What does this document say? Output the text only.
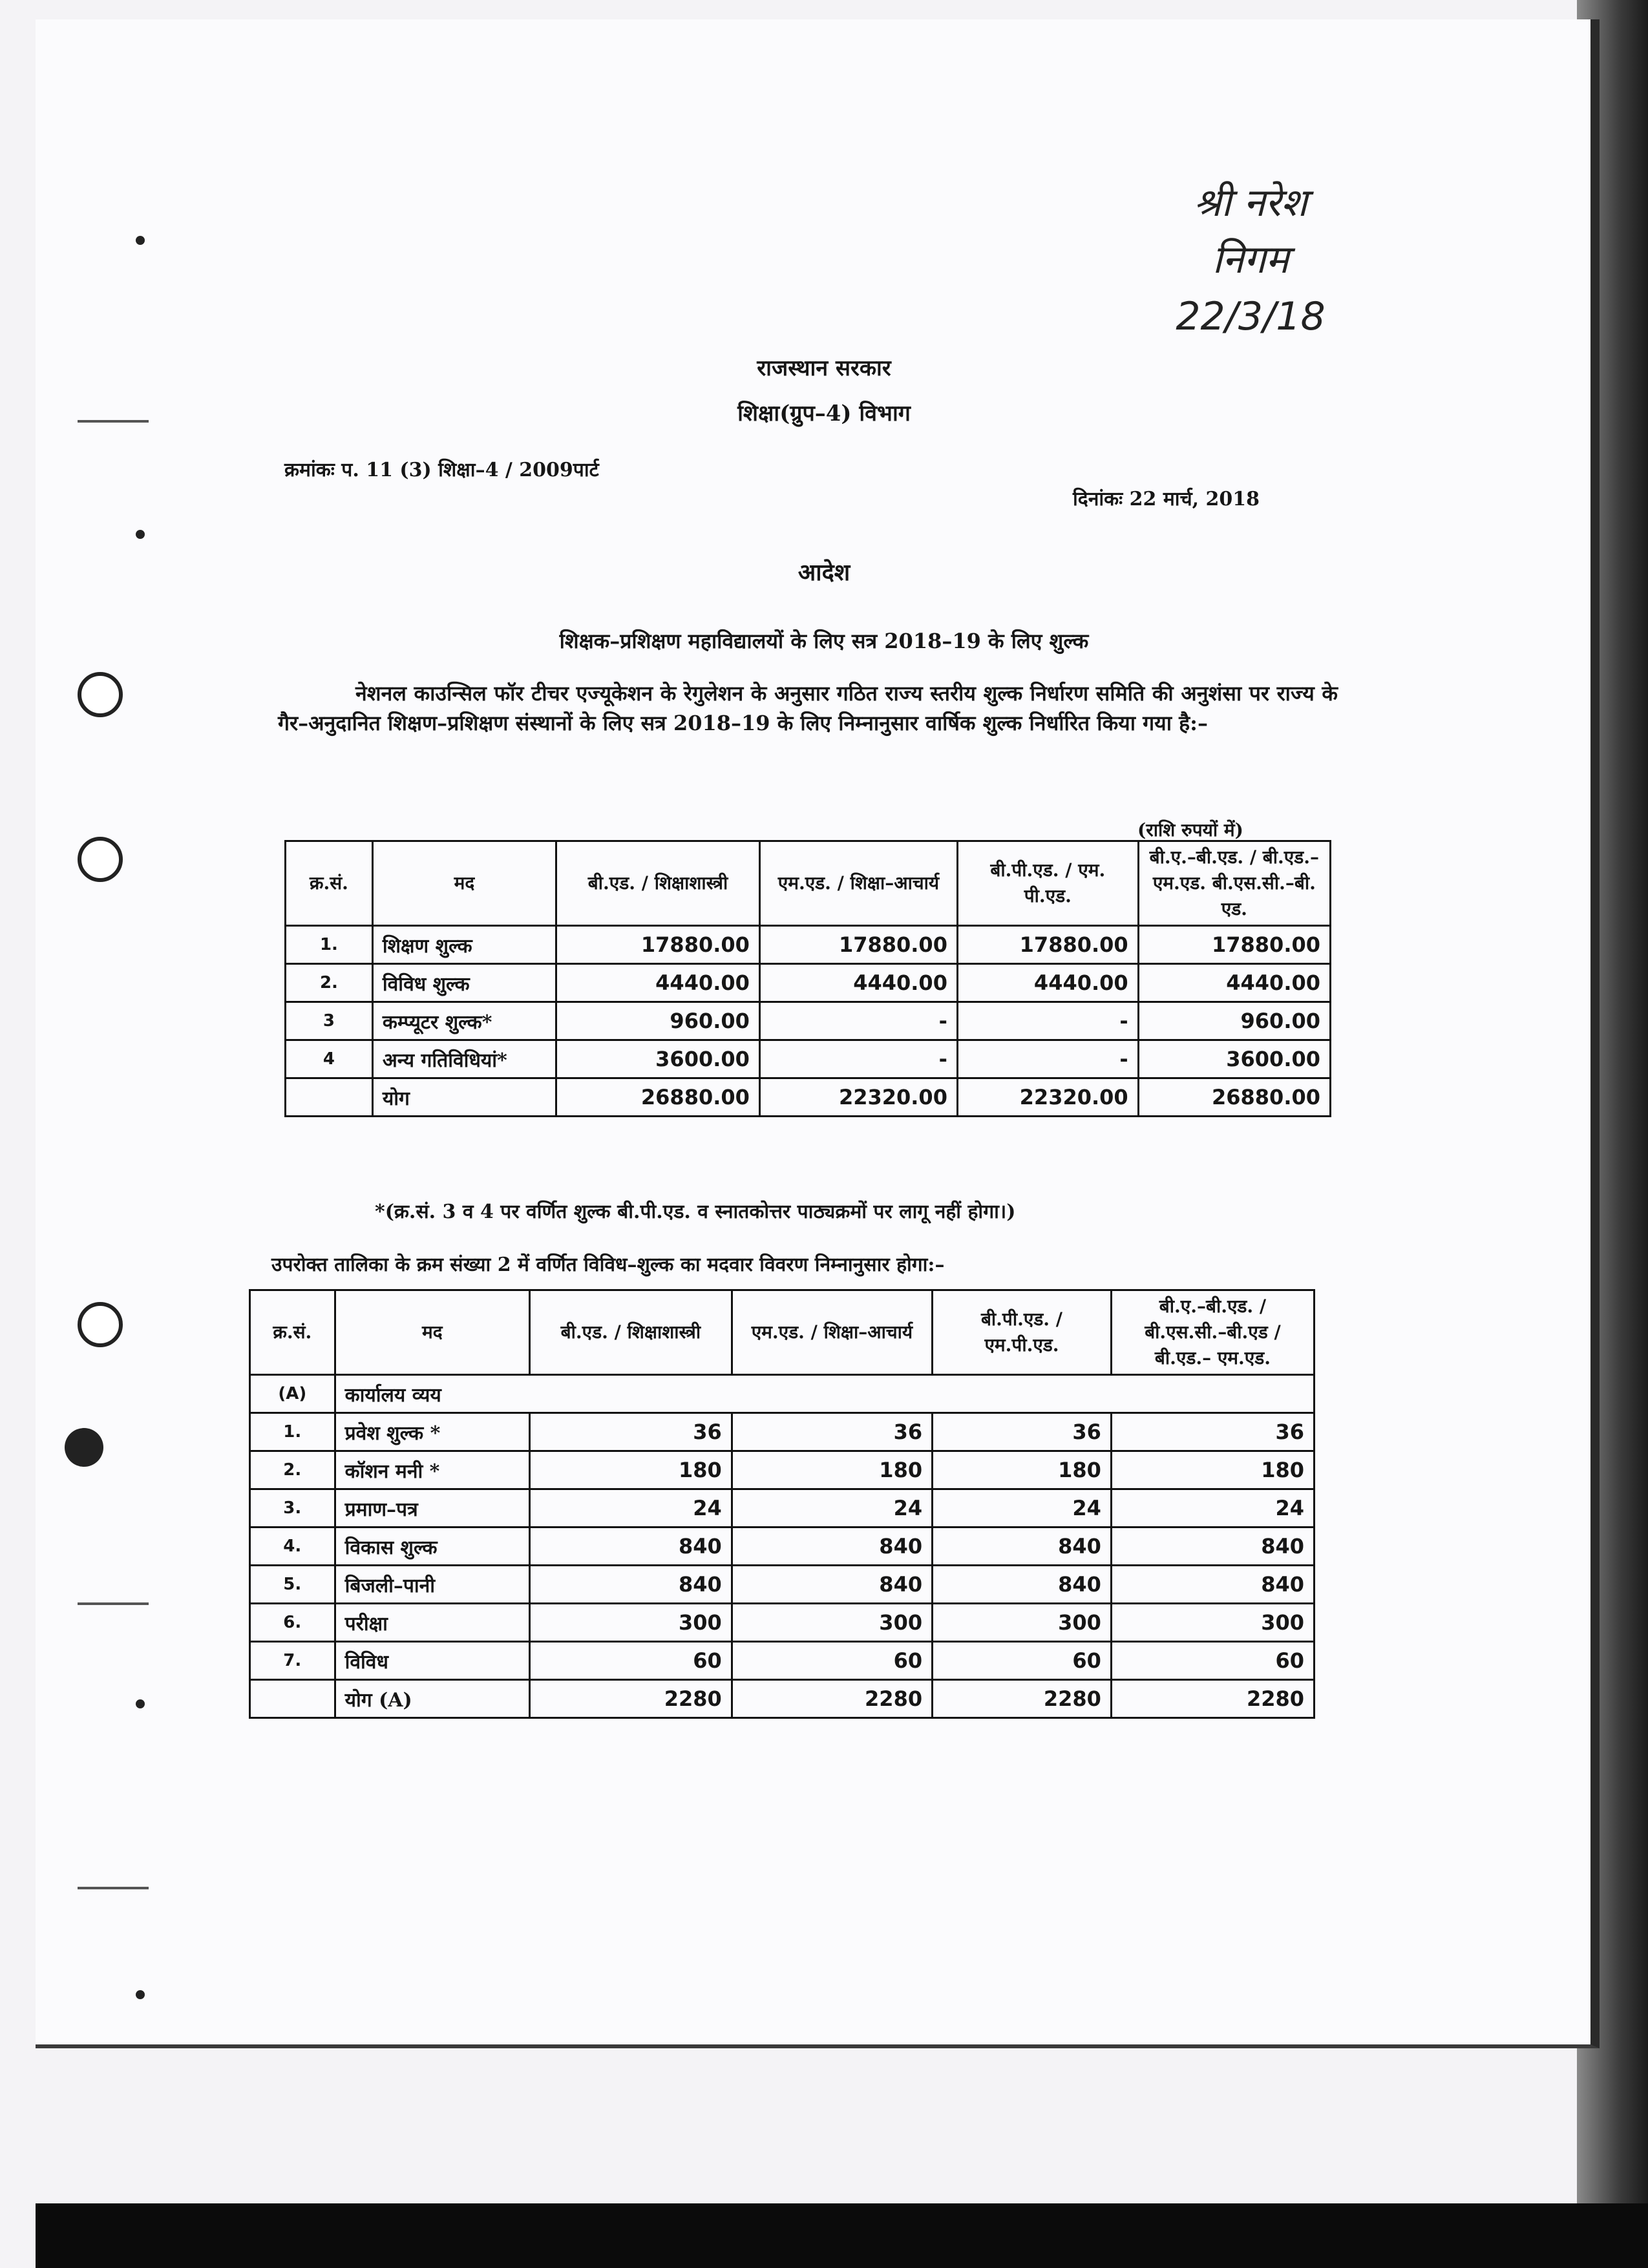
श्री नरेश
निगम
22/3/18
राजस्थान सरकार
शिक्षा(ग्रुप–4) विभाग
क्रमांकः प. 11 (3) शिक्षा–4 / 2009पार्ट
दिनांकः 22 मार्च, 2018
आदेश
शिक्षक–प्रशिक्षण महाविद्यालयों के लिए सत्र 2018–19 के लिए शुल्क
नेशनल काउन्सिल फॉर टीचर एज्यूकेशन के रेगुलेशन के अनुसार गठित राज्य स्तरीय शुल्क निर्धारण समिति की अनुशंसा पर राज्य के गैर–अनुदानित शिक्षण–प्रशिक्षण संस्थानों के लिए सत्र 2018–19 के लिए निम्नानुसार वार्षिक शुल्क निर्धारित किया गया है:–
(राशि रुपयों में)
क्र.सं.	मद	बी.एड. / शिक्षाशास्त्री	एम.एड. / शिक्षा–आचार्य	बी.पी.एड. / एम. पी.एड.	बी.ए.–बी.एड. / बी.एड.– एम.एड. बी.एस.सी.–बी. एड.
1.	शिक्षण शुल्क	17880.00	17880.00	17880.00	17880.00
2.	विविध शुल्क	4440.00	4440.00	4440.00	4440.00
3	कम्प्यूटर शुल्क*	960.00	-	-	960.00
4	अन्य गतिविधियां*	3600.00	-	-	3600.00
	योग	26880.00	22320.00	22320.00	26880.00
*(क्र.सं. 3 व 4 पर वर्णित शुल्क बी.पी.एड. व स्नातकोत्तर पाठ्यक्रमों पर लागू नहीं होगा।)
उपरोक्त तालिका के क्रम संख्या 2 में वर्णित विविध–शुल्क का मदवार विवरण निम्नानुसार होगा:–
क्र.सं.	मद	बी.एड. / शिक्षाशास्त्री	एम.एड. / शिक्षा–आचार्य	बी.पी.एड. / एम.पी.एड.	बी.ए.–बी.एड. / बी.एस.सी.–बी.एड / बी.एड.– एम.एड.
(A)	कार्यालय व्यय				
1.	प्रवेश शुल्क *	36	36	36	36
2.	कॉशन मनी *	180	180	180	180
3.	प्रमाण–पत्र	24	24	24	24
4.	विकास शुल्क	840	840	840	840
5.	बिजली–पानी	840	840	840	840
6.	परीक्षा	300	300	300	300
7.	विविध	60	60	60	60
	योग (A)	2280	2280	2280	2280
